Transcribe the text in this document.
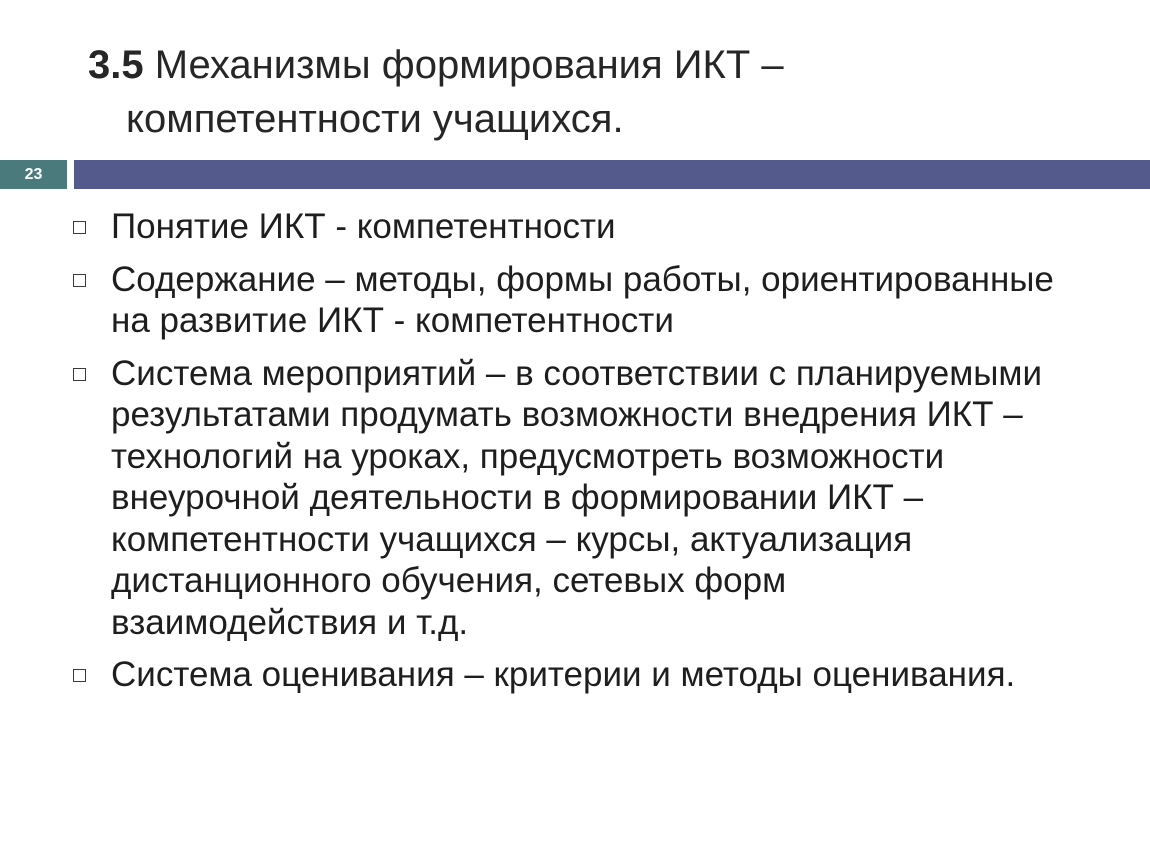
3.5 Механизмы формирования ИКТ –
компетентности учащихся.
23
Понятие ИКТ - компетентности
Содержание – методы, формы работы, ориентированные на развитие ИКТ - компетентности
Система мероприятий – в соответствии с планируемыми результатами продумать возможности внедрения ИКТ – технологий на уроках, предусмотреть возможности внеурочной деятельности в формировании ИКТ – компетентности учащихся – курсы, актуализация дистанционного обучения, сетевых форм взаимодействия и т.д.
Система оценивания – критерии и методы оценивания.
